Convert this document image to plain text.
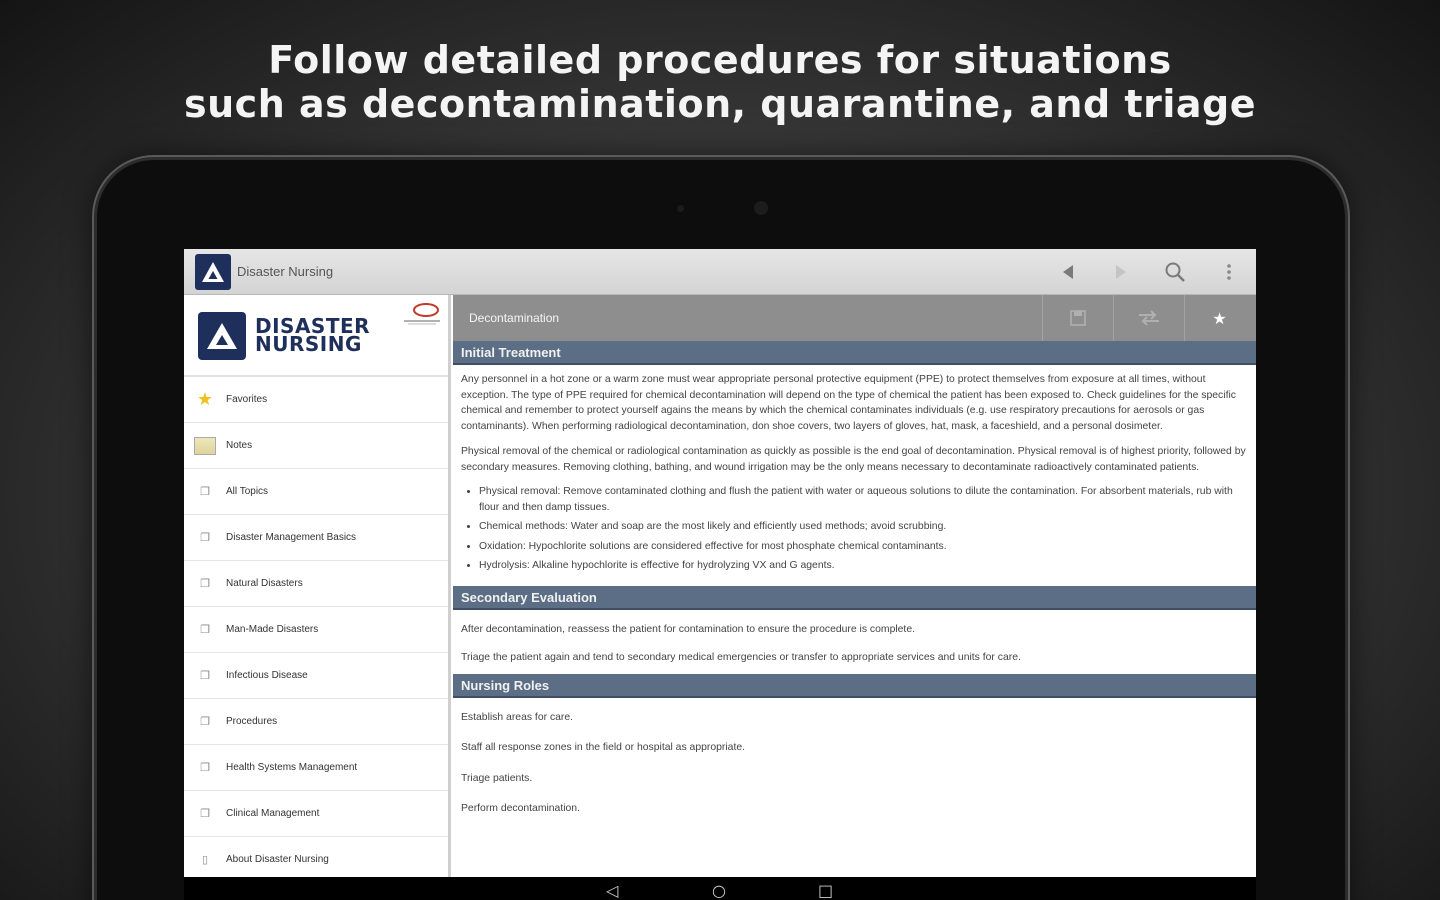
Follow detailed procedures for situations
such as decontamination, quarantine, and triage
Disaster Nursing
DISASTER
NURSING
★ Favorites
Notes
❐	All Topics
❐	Disaster Management Basics
❐	Natural Disasters
❐	Man-Made Disasters
❐	Infectious Disease
❐	Procedures
❐	Health Systems Management
❐	Clinical Management
▯	About Disaster Nursing
Decontamination	★
Initial Treatment

Any personnel in a hot zone or a warm zone must wear appropriate personal protective equipment (PPE) to protect themselves from exposure at all times, without exception. The type of PPE required for chemical decontamination will depend on the type of chemical the patient has been exposed to. Check guidelines for the specific chemical and remember to protect yourself agains the means by which the chemical contaminates individuals (e.g. use respiratory precautions for aerosols or gas contaminants). When performing radiological decontamination, don shoe covers, two layers of gloves, hat, mask, a faceshield, and a personal dosimeter.

Physical removal of the chemical or radiological contamination as quickly as possible is the end goal of decontamination. Physical removal is of highest priority, followed by secondary measures. Removing clothing, bathing, and wound irrigation may be the only means necessary to decontaminate radioactively contaminated patients.

• Physical removal: Remove contaminated clothing and flush the patient with water or aqueous solutions to dilute the contamination. For absorbent materials, rub with flour and then damp tissues.
• Chemical methods: Water and soap are the most likely and efficiently used methods; avoid scrubbing.
• Oxidation: Hypochlorite solutions are considered effective for most phosphate chemical contaminants.
• Hydrolysis: Alkaline hypochlorite is effective for hydrolyzing VX and G agents.
Secondary Evaluation

After decontamination, reassess the patient for contamination to ensure the procedure is complete.

Triage the patient again and tend to secondary medical emergencies or transfer to appropriate services and units for care.

Nursing Roles

Establish areas for care.

Staff all response zones in the field or hospital as appropriate.

Triage patients.

Perform decontamination.

◁	○	□
